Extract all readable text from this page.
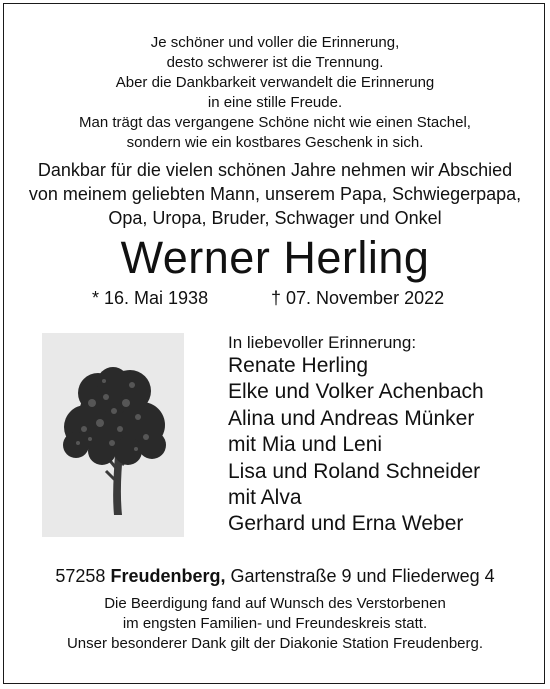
Je schöner und voller die Erinnerung,
desto schwerer ist die Trennung.
Aber die Dankbarkeit verwandelt die Erinnerung
in eine stille Freude.
Man trägt das vergangene Schöne nicht wie einen Stachel,
sondern wie ein kostbares Geschenk in sich.
Dankbar für die vielen schönen Jahre nehmen wir Abschied
von meinem geliebten Mann, unserem Papa, Schwiegerpapa,
Opa, Uropa, Bruder, Schwager und Onkel
Werner Herling
* 16. Mai 1938	† 07. November 2022
In liebevoller Erinnerung:
Renate Herling
Elke und Volker Achenbach
Alina und Andreas Münker
mit Mia und Leni
Lisa und Roland Schneider
mit Alva
Gerhard und Erna Weber
57258 Freudenberg, Gartenstraße 9 und Fliederweg 4
Die Beerdigung fand auf Wunsch des Verstorbenen
im engsten Familien- und Freundeskreis statt.
Unser besonderer Dank gilt der Diakonie Station Freudenberg.
